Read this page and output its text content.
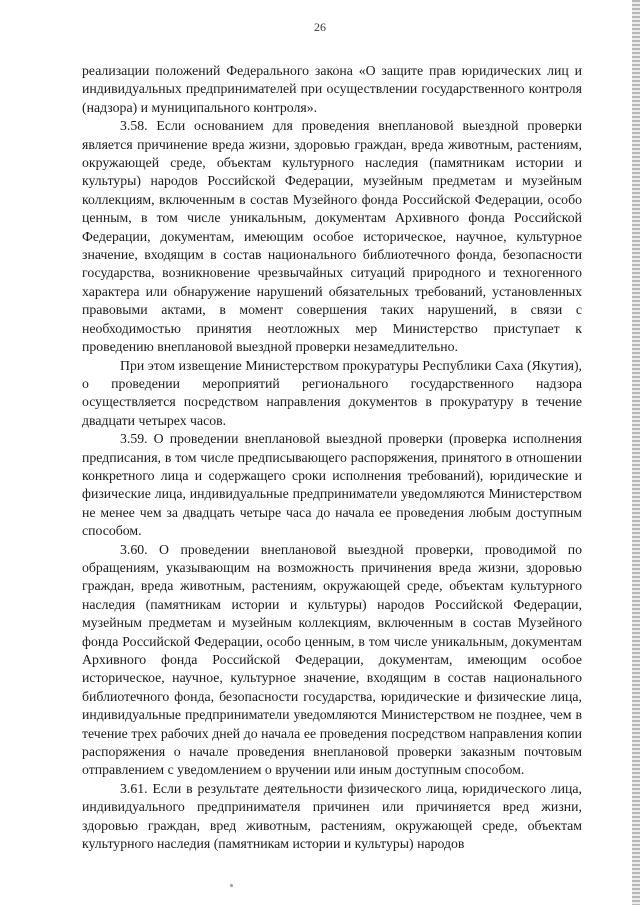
26

реализации положений Федерального закона «О защите прав юридических лиц и индивидуальных предпринимателей при осуществлении государственного контроля (надзора) и муниципального контроля».

3.58. Если основанием для проведения внеплановой выездной проверки является причинение вреда жизни, здоровью граждан, вреда животным, растениям, окружающей среде, объектам культурного наследия (памятникам истории и культуры) народов Российской Федерации, музейным предметам и музейным коллекциям, включенным в состав Музейного фонда Российской Федерации, особо ценным, в том числе уникальным, документам Архивного фонда Российской Федерации, документам, имеющим особое историческое, научное, культурное значение, входящим в состав национального библиотечного фонда, безопасности государства, возникновение чрезвычайных ситуаций природного и техногенного характера или обнаружение нарушений обязательных требований, установленных правовыми актами, в момент совершения таких нарушений, в связи с необходимостью принятия неотложных мер Министерство приступает к проведению внеплановой выездной проверки незамедлительно.

При этом извещение Министерством прокуратуры Республики Саха (Якутия), о проведении мероприятий регионального государственного надзора осуществляется посредством направления документов в прокуратуру в течение двадцати четырех часов.

3.59. О проведении внеплановой выездной проверки (проверка исполнения предписания, в том числе предписывающего распоряжения, принятого в отношении конкретного лица и содержащего сроки исполнения требований), юридические и физические лица, индивидуальные предприниматели уведомляются Министерством не менее чем за двадцать четыре часа до начала ее проведения любым доступным способом.

3.60. О проведении внеплановой выездной проверки, проводимой по обращениям, указывающим на возможность причинения вреда жизни, здоровью граждан, вреда животным, растениям, окружающей среде, объектам культурного наследия (памятникам истории и культуры) народов Российской Федерации, музейным предметам и музейным коллекциям, включенным в состав Музейного фонда Российской Федерации, особо ценным, в том числе уникальным, документам Архивного фонда Российской Федерации, документам, имеющим особое историческое, научное, культурное значение, входящим в состав национального библиотечного фонда, безопасности государства, юридические и физические лица, индивидуальные предприниматели уведомляются Министерством не позднее, чем в течение трех рабочих дней до начала ее проведения посредством направления копии распоряжения о начале проведения внеплановой проверки заказным почтовым отправлением с уведомлением о вручении или иным доступным способом.

3.61. Если в результате деятельности физического лица, юридического лица, индивидуального предпринимателя причинен или причиняется вред жизни, здоровью граждан, вред животным, растениям, окружающей среде, объектам культурного наследия (памятникам истории и культуры) народов
